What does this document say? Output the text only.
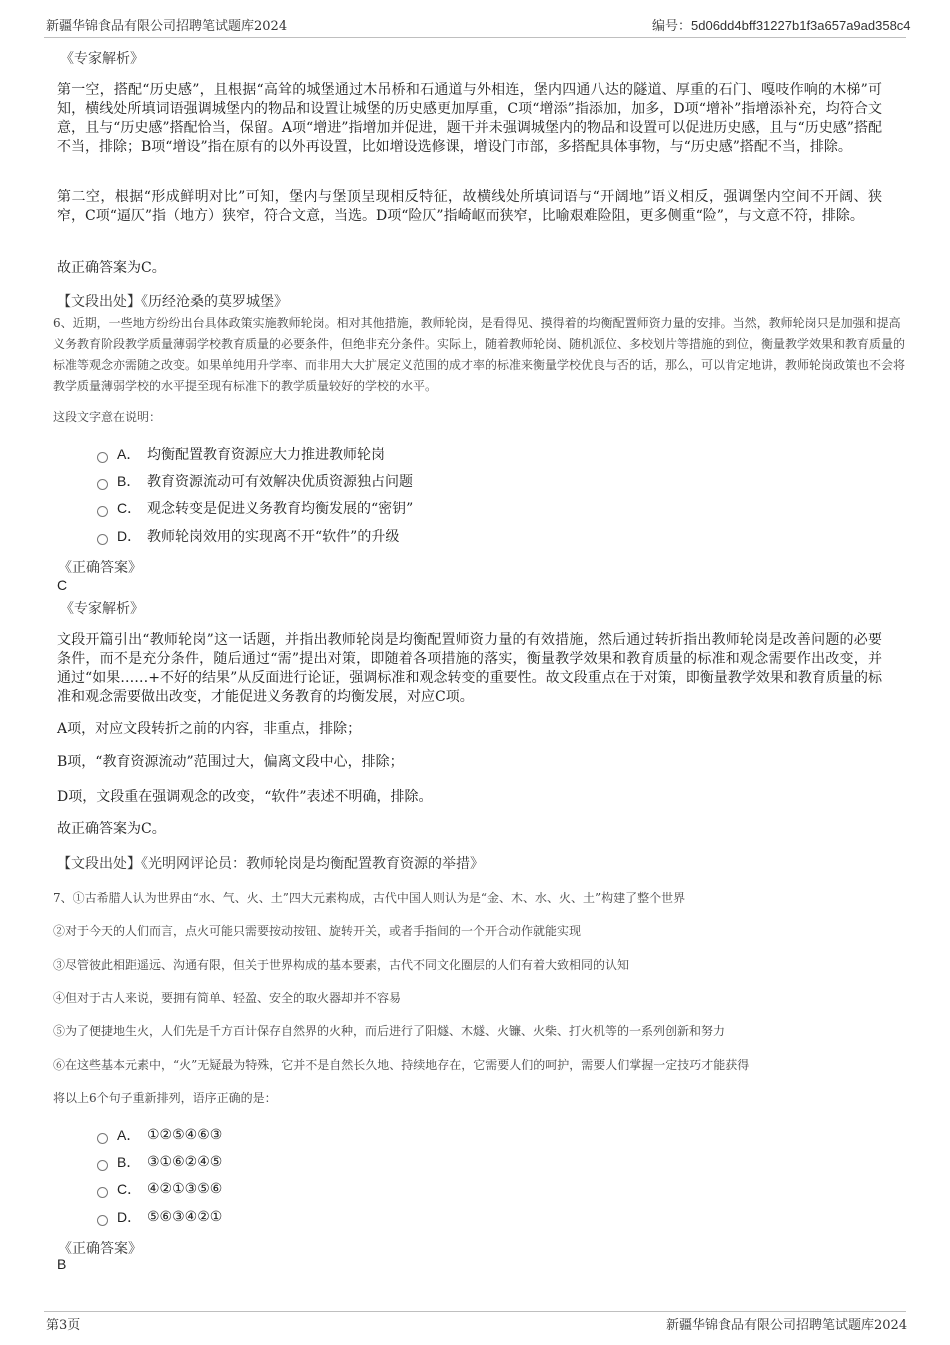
新疆华锦食品有限公司招聘笔试题库2024	编号：5d06dd4bff31227b1f3a657a9ad358c4
《专家解析》
第一空，搭配“历史感”，且根据“高耸的城堡通过木吊桥和石通道与外相连，堡内四通八达的隧道、厚重的石门、嘎吱作响的木梯”可知，横线处所填词语强调城堡内的物品和设置让城堡的历史感更加厚重，C项“增添”指添加，加多，D项“增补”指增添补充，均符合文意，且与“历史感”搭配恰当，保留。A项“增进”指增加并促进，题干并未强调城堡内的物品和设置可以促进历史感，且与“历史感”搭配不当，排除；B项“增设”指在原有的以外再设置，比如增设选修课，增设门市部，多搭配具体事物，与“历史感”搭配不当，排除。
第二空，根据“形成鲜明对比”可知，堡内与堡顶呈现相反特征，故横线处所填词语与“开阔地”语义相反，强调堡内空间不开阔、狭窄，C项“逼仄”指（地方）狭窄，符合文意，当选。D项“险仄”指崎岖而狭窄，比喻艰难险阻，更多侧重“险”，与文意不符，排除。
故正确答案为C。
【文段出处】《历经沧桑的莫罗城堡》
6、近期，一些地方纷纷出台具体政策实施教师轮岗。相对其他措施，教师轮岗，是看得见、摸得着的均衡配置师资力量的安排。当然，教师轮岗只是加强和提高义务教育阶段教学质量薄弱学校教育质量的必要条件，但绝非充分条件。实际上，随着教师轮岗、随机派位、多校划片等措施的到位，衡量教学效果和教育质量的标准等观念亦需随之改变。如果单纯用升学率、而非用大大扩展定义范围的成才率的标准来衡量学校优良与否的话，那么，可以肯定地讲，教师轮岗政策也不会将教学质量薄弱学校的水平提至现有标准下的教学质量较好的学校的水平。
这段文字意在说明：
A． 均衡配置教育资源应大力推进教师轮岗
B． 教育资源流动可有效解决优质资源独占问题
C． 观念转变是促进义务教育均衡发展的“密钥”
D． 教师轮岗效用的实现离不开“软件”的升级
《正确答案》
C
《专家解析》
文段开篇引出“教师轮岗”这一话题，并指出教师轮岗是均衡配置师资力量的有效措施，然后通过转折指出教师轮岗是改善问题的必要条件，而不是充分条件，随后通过“需”提出对策，即随着各项措施的落实，衡量教学效果和教育质量的标准和观念需要作出改变，并通过“如果……+不好的结果”从反面进行论证，强调标准和观念转变的重要性。故文段重点在于对策，即衡量教学效果和教育质量的标准和观念需要做出改变，才能促进义务教育的均衡发展，对应C项。
A项，对应文段转折之前的内容，非重点，排除；
B项，“教育资源流动”范围过大，偏离文段中心，排除；
D项，文段重在强调观念的改变，“软件”表述不明确，排除。
故正确答案为C。
【文段出处】《光明网评论员：教师轮岗是均衡配置教育资源的举措》
7、①古希腊人认为世界由“水、气、火、土”四大元素构成，古代中国人则认为是“金、木、水、火、土”构建了整个世界
②对于今天的人们而言，点火可能只需要按动按钮、旋转开关，或者手指间的一个开合动作就能实现
③尽管彼此相距遥远、沟通有限，但关于世界构成的基本要素，古代不同文化圈层的人们有着大致相同的认知
④但对于古人来说，要拥有简单、轻盈、安全的取火器却并不容易
⑤为了便捷地生火，人们先是千方百计保存自然界的火种，而后进行了阳燧、木燧、火镰、火柴、打火机等的一系列创新和努力
⑥在这些基本元素中，“火”无疑最为特殊，它并不是自然长久地、持续地存在，它需要人们的呵护，需要人们掌握一定技巧才能获得
将以上6个句子重新排列，语序正确的是：
A． ①②⑤④⑥③
B． ③①⑥②④⑤
C． ④②①③⑤⑥
D． ⑤⑥③④②①
《正确答案》
B
第3页	新疆华锦食品有限公司招聘笔试题库2024
